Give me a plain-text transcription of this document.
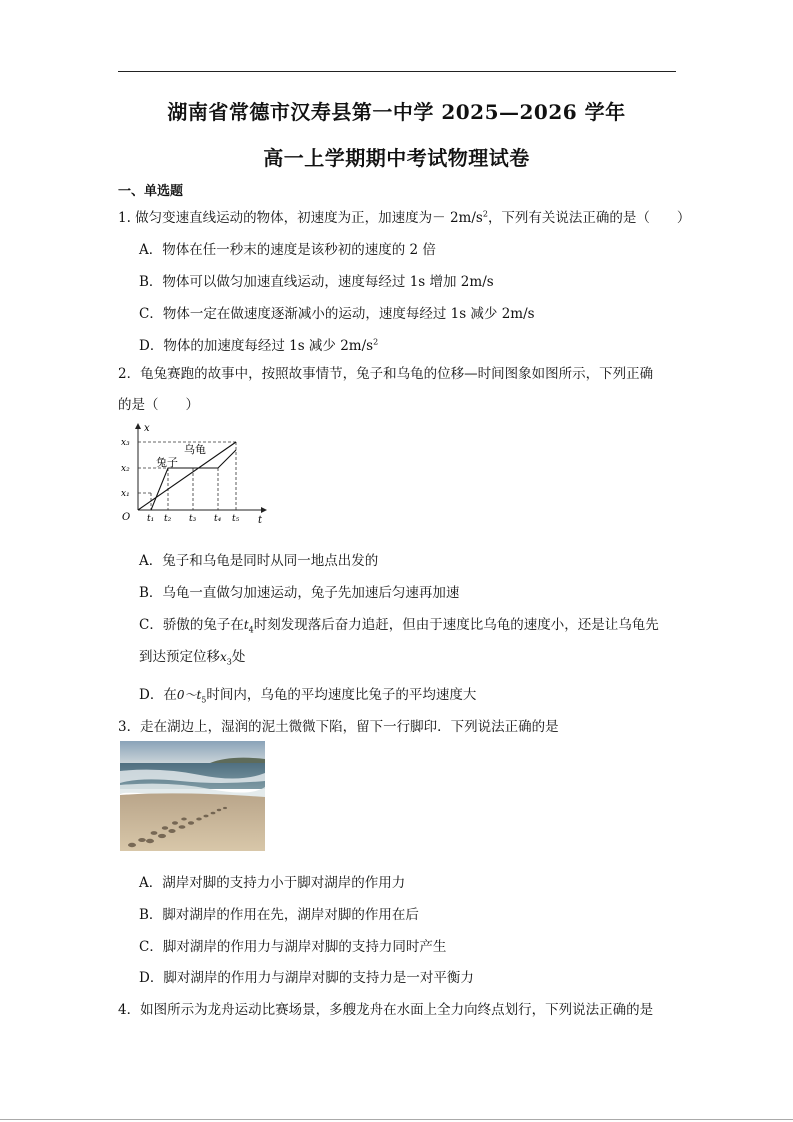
湖南省常德市汉寿县第一中学 2025—2026 学年
高一上学期期中考试物理试卷
一、单选题
1. 做匀变速直线运动的物体，初速度为正，加速度为－ $2m/s^2$，下列有关说法正确的是（　　）
A．物体在任一秒末的速度是该秒初的速度的 2 倍
B．物体可以做匀加速直线运动，速度每经过 1s 增加 2m/s
C．物体一定在做速度逐渐减小的运动，速度每经过 1s 减少 2m/s
D．物体的加速度每经过 1s 减少 $2m/s^2$
2．龟兔赛跑的故事中，按照故事情节，兔子和乌龟的位移—时间图象如图所示，下列正确
的是（　　）
兔子
乌龟
x
t
O
x₁
x₂
x₃
t₁ t₂ t₃ t₄ t₅
A．兔子和乌龟是同时从同一地点出发的
B．乌龟一直做匀加速运动，兔子先加速后匀速再加速
C．骄傲的兔子在$t_4$时刻发现落后奋力追赶，但由于速度比乌龟的速度小，还是让乌龟先
到达预定位移$x_3$处
D．在$0\sim t_5$时间内，乌龟的平均速度比兔子的平均速度大
3．走在湖边上，湿润的泥土微微下陷，留下一行脚印．下列说法正确的是
A．湖岸对脚的支持力小于脚对湖岸的作用力
B．脚对湖岸的作用在先，湖岸对脚的作用在后
C．脚对湖岸的作用力与湖岸对脚的支持力同时产生
D．脚对湖岸的作用力与湖岸对脚的支持力是一对平衡力
4．如图所示为龙舟运动比赛场景，多艘龙舟在水面上全力向终点划行，下列说法正确的是
